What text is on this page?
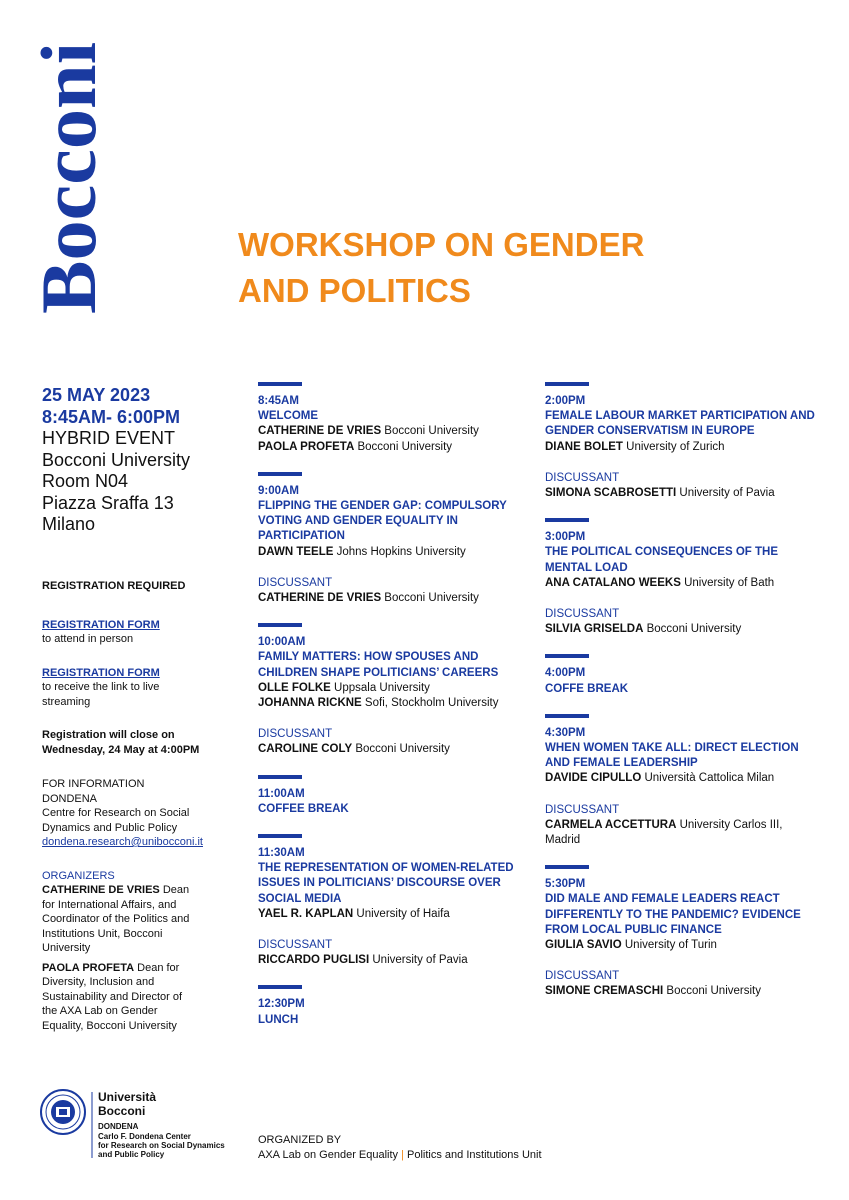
Bocconi	WORKSHOP ON GENDER
AND POLITICS
25 MAY 2023
8:45AM- 6:00PM
HYBRID EVENT
Bocconi University
Room N04
Piazza Sraffa 13
Milano
REGISTRATION REQUIRED
REGISTRATION FORM
to attend in person
REGISTRATION FORM
to receive the link to live streaming
Registration will close on Wednesday, 24 May at 4:00PM
FOR INFORMATION
DONDENA
Centre for Research on Social Dynamics and Public Policy
dondena.research@unibocconi.it
ORGANIZERS
CATHERINE DE VRIES Dean for International Affairs, and Coordinator of the Politics and Institutions Unit, Bocconi University
PAOLA PROFETA Dean for Diversity, Inclusion and Sustainability and Director of the AXA Lab on Gender Equality, Bocconi University
8:45AM
WELCOME
CATHERINE DE VRIES Bocconi University
PAOLA PROFETA Bocconi University
9:00AM
FLIPPING THE GENDER GAP: COMPULSORY VOTING AND GENDER EQUALITY IN PARTICIPATION
DAWN TEELE Johns Hopkins University
DISCUSSANT
CATHERINE DE VRIES Bocconi University
10:00AM
FAMILY MATTERS: HOW SPOUSES AND CHILDREN SHAPE POLITICIANS’ CAREERS
OLLE FOLKE Uppsala University
JOHANNA RICKNE Sofi, Stockholm University
DISCUSSANT
CAROLINE COLY Bocconi University
11:00AM
COFFEE BREAK
11:30AM
THE REPRESENTATION OF WOMEN-RELATED ISSUES IN POLITICIANS’ DISCOURSE OVER SOCIAL MEDIA
YAEL R. KAPLAN University of Haifa
DISCUSSANT
RICCARDO PUGLISI University of Pavia
12:30PM
LUNCH
2:00PM
FEMALE LABOUR MARKET PARTICIPATION AND GENDER CONSERVATISM IN EUROPE
DIANE BOLET University of Zurich
DISCUSSANT
SIMONA SCABROSETTI University of Pavia
3:00PM
THE POLITICAL CONSEQUENCES OF THE MENTAL LOAD
ANA CATALANO WEEKS University of Bath
DISCUSSANT
SILVIA GRISELDA Bocconi University
4:00PM
COFFE BREAK
4:30PM
WHEN WOMEN TAKE ALL: DIRECT ELECTION AND FEMALE LEADERSHIP
DAVIDE CIPULLO Università Cattolica Milan
DISCUSSANT
CARMELA ACCETTURA University Carlos III, Madrid
5:30PM
DID MALE AND FEMALE LEADERS REACT DIFFERENTLY TO THE PANDEMIC? EVIDENCE FROM LOCAL PUBLIC FINANCE
GIULIA SAVIO University of Turin
DISCUSSANT
SIMONE CREMASCHI Bocconi University
Università
Bocconi
DONDENA
Carlo F. Dondena Center
for Research on Social Dynamics
and Public Policy
ORGANIZED BY
AXA Lab on Gender Equality | Politics and Institutions Unit
